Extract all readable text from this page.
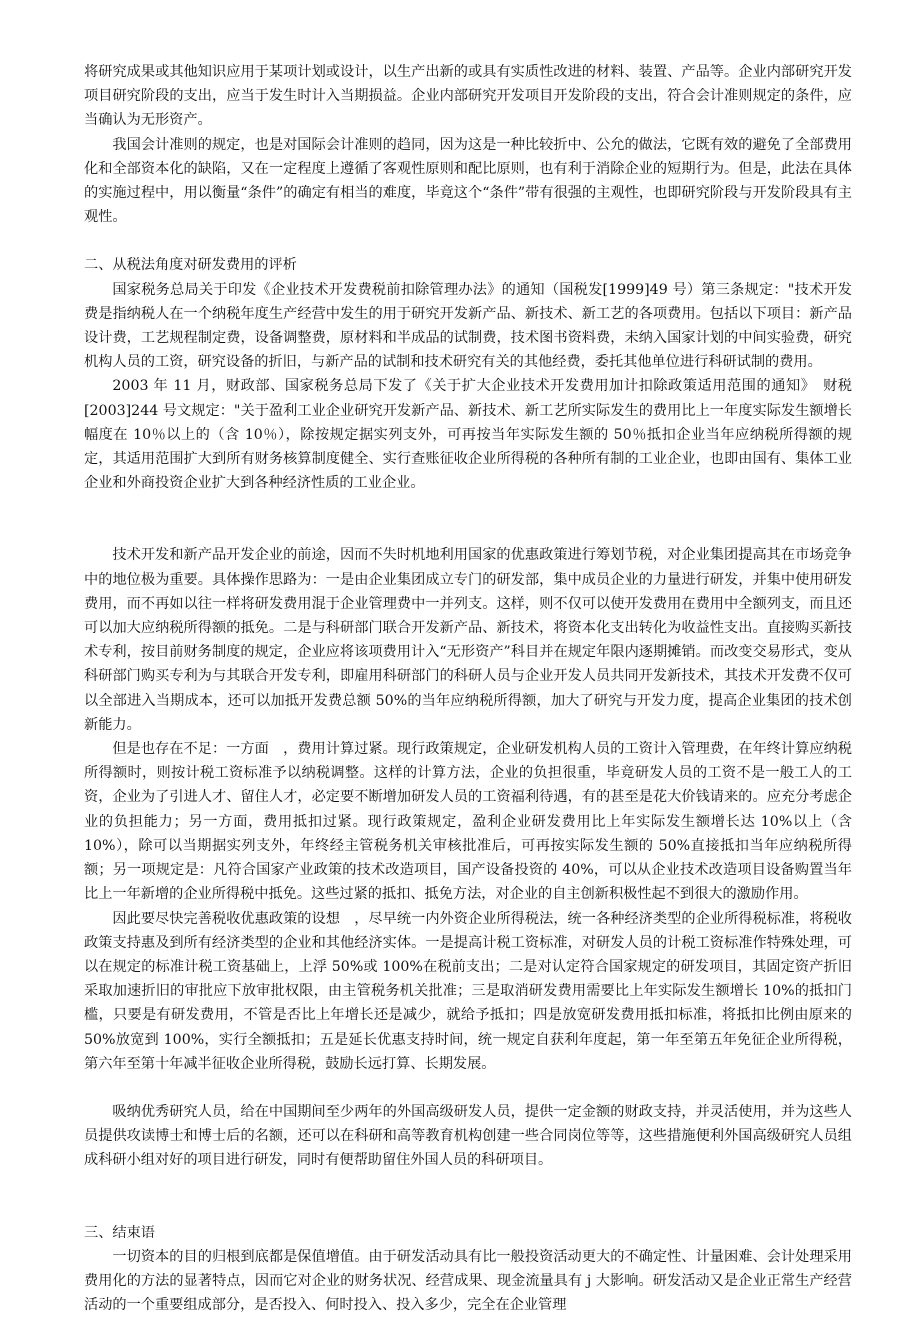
将研究成果或其他知识应用于某项计划或设计，以生产出新的或具有实质性改进的材料、装置、产品等。企业内部研究开发项目研究阶段的支出，应当于发生时计入当期损益。企业内部研究开发项目开发阶段的支出，符合会计准则规定的条件，应当确认为无形资产。

我国会计准则的规定，也是对国际会计准则的趋同，因为这是一种比较折中、公允的做法，它既有效的避免了全部费用化和全部资本化的缺陷，又在一定程度上遵循了客观性原则和配比原则，也有利于消除企业的短期行为。但是，此法在具体的实施过程中，用以衡量“条件”的确定有相当的难度，毕竟这个“条件”带有很强的主观性，也即研究阶段与开发阶段具有主观性。

二、从税法角度对研发费用的评析

国家税务总局关于印发《企业技术开发费税前扣除管理办法》的通知（国税发[1999]49 号）第三条规定："技术开发费是指纳税人在一个纳税年度生产经营中发生的用于研究开发新产品、新技术、新工艺的各项费用。包括以下项目：新产品设计费，工艺规程制定费，设备调整费，原材料和半成品的试制费，技术图书资料费，未纳入国家计划的中间实验费，研究机构人员的工资，研究设备的折旧，与新产品的试制和技术研究有关的其他经费，委托其他单位进行科研试制的费用。

2003 年 11 月，财政部、国家税务总局下发了《关于扩大企业技术开发费用加计扣除政策适用范围的通知》　财税[2003]244 号文规定："关于盈利工业企业研究开发新产品、新技术、新工艺所实际发生的费用比上一年度实际发生额增长幅度在 10％以上的（含 10％），除按规定据实列支外，可再按当年实际发生额的 50％抵扣企业当年应纳税所得额的规定，其适用范围扩大到所有财务核算制度健全、实行查账征收企业所得税的各种所有制的工业企业，也即由国有、集体工业企业和外商投资企业扩大到各种经济性质的工业企业。

技术开发和新产品开发企业的前途，因而不失时机地利用国家的优惠政策进行筹划节税，对企业集团提高其在市场竞争中的地位极为重要。具体操作思路为：一是由企业集团成立专门的研发部，集中成员企业的力量进行研发，并集中使用研发费用，而不再如以往一样将研发费用混于企业管理费中一并列支。这样，则不仅可以使开发费用在费用中全额列支，而且还可以加大应纳税所得额的抵免。二是与科研部门联合开发新产品、新技术，将资本化支出转化为收益性支出。直接购买新技术专利，按目前财务制度的规定，企业应将该项费用计入“无形资产”科目并在规定年限内逐期摊销。而改变交易形式，变从科研部门购买专利为与其联合开发专利，即雇用科研部门的科研人员与企业开发人员共同开发新技术，其技术开发费不仅可以全部进入当期成本，还可以加抵开发费总额 50%的当年应纳税所得额，加大了研究与开发力度，提高企业集团的技术创新能力。

但是也存在不足：一方面　，费用计算过紧。现行政策规定，企业研发机构人员的工资计入管理费，在年终计算应纳税所得额时，则按计税工资标准予以纳税调整。这样的计算方法，企业的负担很重，毕竟研发人员的工资不是一般工人的工资，企业为了引进人才、留住人才，必定要不断增加研发人员的工资福利待遇，有的甚至是花大价钱请来的。应充分考虑企业的负担能力；另一方面，费用抵扣过紧。现行政策规定，盈利企业研发费用比上年实际发生额增长达 10%以上（含 10%），除可以当期据实列支外，年终经主管税务机关审核批准后，可再按实际发生额的 50%直接抵扣当年应纳税所得额；另一项规定是：凡符合国家产业政策的技术改造项目，国产设备投资的 40%，可以从企业技术改造项目设备购置当年比上一年新增的企业所得税中抵免。这些过紧的抵扣、抵免方法，对企业的自主创新积极性起不到很大的激励作用。

因此要尽快完善税收优惠政策的设想　，尽早统一内外资企业所得税法，统一各种经济类型的企业所得税标准，将税收政策支持惠及到所有经济类型的企业和其他经济实体。一是提高计税工资标准，对研发人员的计税工资标准作特殊处理，可以在规定的标准计税工资基础上，上浮 50%或 100%在税前支出；二是对认定符合国家规定的研发项目，其固定资产折旧采取加速折旧的审批应下放审批权限，由主管税务机关批准；三是取消研发费用需要比上年实际发生额增长 10%的抵扣门槛，只要是有研发费用，不管是否比上年增长还是减少，就给予抵扣；四是放宽研发费用抵扣标准，将抵扣比例由原来的 50%放宽到 100%，实行全额抵扣；五是延长优惠支持时间，统一规定自获利年度起，第一年至第五年免征企业所得税，第六年至第十年减半征收企业所得税，鼓励长远打算、长期发展。

吸纳优秀研究人员，给在中国期间至少两年的外国高级研发人员，提供一定金额的财政支持，并灵活使用，并为这些人员提供攻读博士和博士后的名额，还可以在科研和高等教育机构创建一些合同岗位等等，这些措施便利外国高级研究人员组成科研小组对好的项目进行研发，同时有便帮助留住外国人员的科研项目。

三、结束语

一切资本的目的归根到底都是保值增值。由于研发活动具有比一般投资活动更大的不确定性、计量困难、会计处理采用费用化的方法的显著特点，因而它对企业的财务状况、经营成果、现金流量具有 j 大影响。研发活动又是企业正常生产经营活动的一个重要组成部分，是否投入、何时投入、投入多少，完全在企业管理
